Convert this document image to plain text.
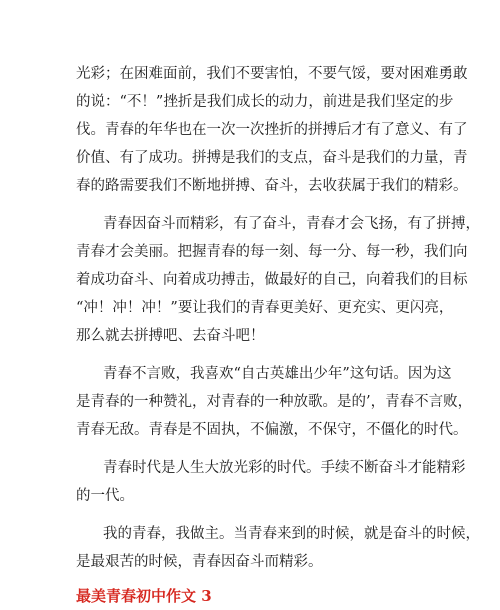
光彩；在困难面前，我们不要害怕，不要气馁，要对困难勇敢
的说：“不！”挫折是我们成长的动力，前进是我们坚定的步
伐。青春的年华也在一次一次挫折的拼搏后才有了意义、有了
价值、有了成功。拼搏是我们的支点，奋斗是我们的力量，青
春的路需要我们不断地拼搏、奋斗，去收获属于我们的精彩。
青春因奋斗而精彩，有了奋斗，青春才会飞扬，有了拼搏，
青春才会美丽。把握青春的每一刻、每一分、每一秒，我们向
着成功奋斗、向着成功搏击，做最好的自己，向着我们的目标
“冲！冲！冲！”要让我们的青春更美好、更充实、更闪亮，
那么就去拼搏吧、去奋斗吧！
青春不言败，我喜欢“自古英雄出少年”这句话。因为这
是青春的一种赞礼，对青春的一种放歌。是的’，青春不言败，
青春无敌。青春是不固执，不偏激，不保守，不僵化的时代。
青春时代是人生大放光彩的时代。手续不断奋斗才能精彩
的一代。
我的青春，我做主。当青春来到的时候，就是奋斗的时候，
是最艰苦的时候，青春因奋斗而精彩。
最美青春初中作文 3
